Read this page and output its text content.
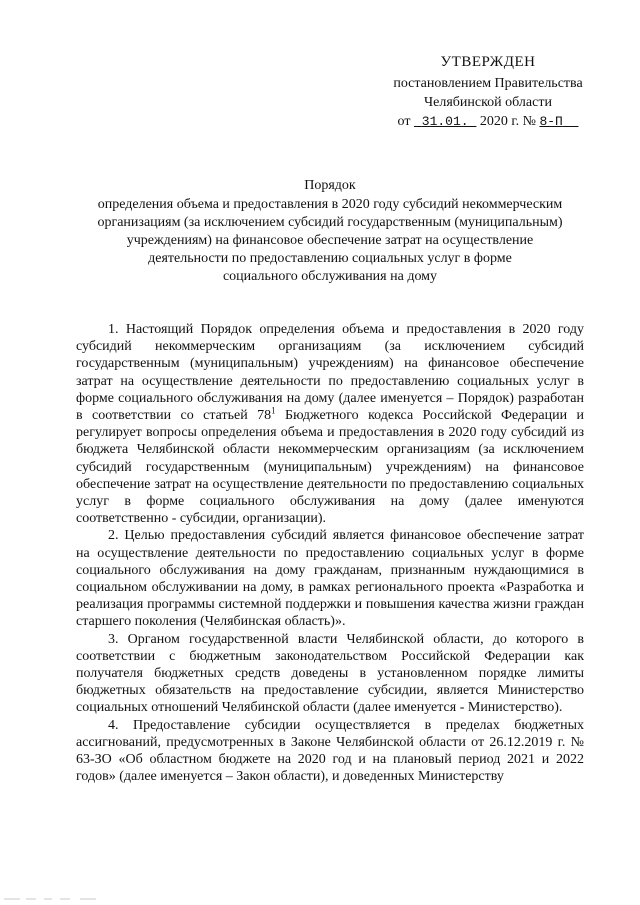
УТВЕРЖДЕН
постановлением Правительства
Челябинской области
от 31.01. 2020 г. № 8-П
Порядок
определения объема и предоставления в 2020 году субсидий некоммерческим
организациям (за исключением субсидий государственным (муниципальным)
учреждениям) на финансовое обеспечение затрат на осуществление
деятельности по предоставлению социальных услуг в форме
социального обслуживания на дому

1. Настоящий Порядок определения объема и предоставления в 2020 году субсидий некоммерческим организациям (за исключением субсидий государственным (муниципальным) учреждениям) на финансовое обеспечение затрат на осуществление деятельности по предоставлению социальных услуг в форме социального обслуживания на дому (далее именуется – Порядок) разработан в соответствии со статьей $78^1$ Бюджетного кодекса Российской Федерации и регулирует вопросы определения объема и предоставления в 2020 году субсидий из бюджета Челябинской области некоммерческим организациям (за исключением субсидий государственным (муниципальным) учреждениям) на финансовое обеспечение затрат на осуществление деятельности по предоставлению социальных услуг в форме социального обслуживания на дому (далее именуются соответственно - субсидии, организации).

2. Целью предоставления субсидий является финансовое обеспечение затрат на осуществление деятельности по предоставлению социальных услуг в форме социального обслуживания на дому гражданам, признанным нуждающимися в социальном обслуживании на дому, в рамках регионального проекта «Разработка и реализация программы системной поддержки и повышения качества жизни граждан старшего поколения (Челябинская область)».

3. Органом государственной власти Челябинской области, до которого в соответствии с бюджетным законодательством Российской Федерации как получателя бюджетных средств доведены в установленном порядке лимиты бюджетных обязательств на предоставление субсидии, является Министерство социальных отношений Челябинской области (далее именуется - Министерство).

4. Предоставление субсидии осуществляется в пределах бюджетных ассигнований, предусмотренных в Законе Челябинской области от 26.12.2019 г. № 63-ЗО «Об областном бюджете на 2020 год и на плановый период 2021 и 2022 годов» (далее именуется – Закон области), и доведенных Министерству
